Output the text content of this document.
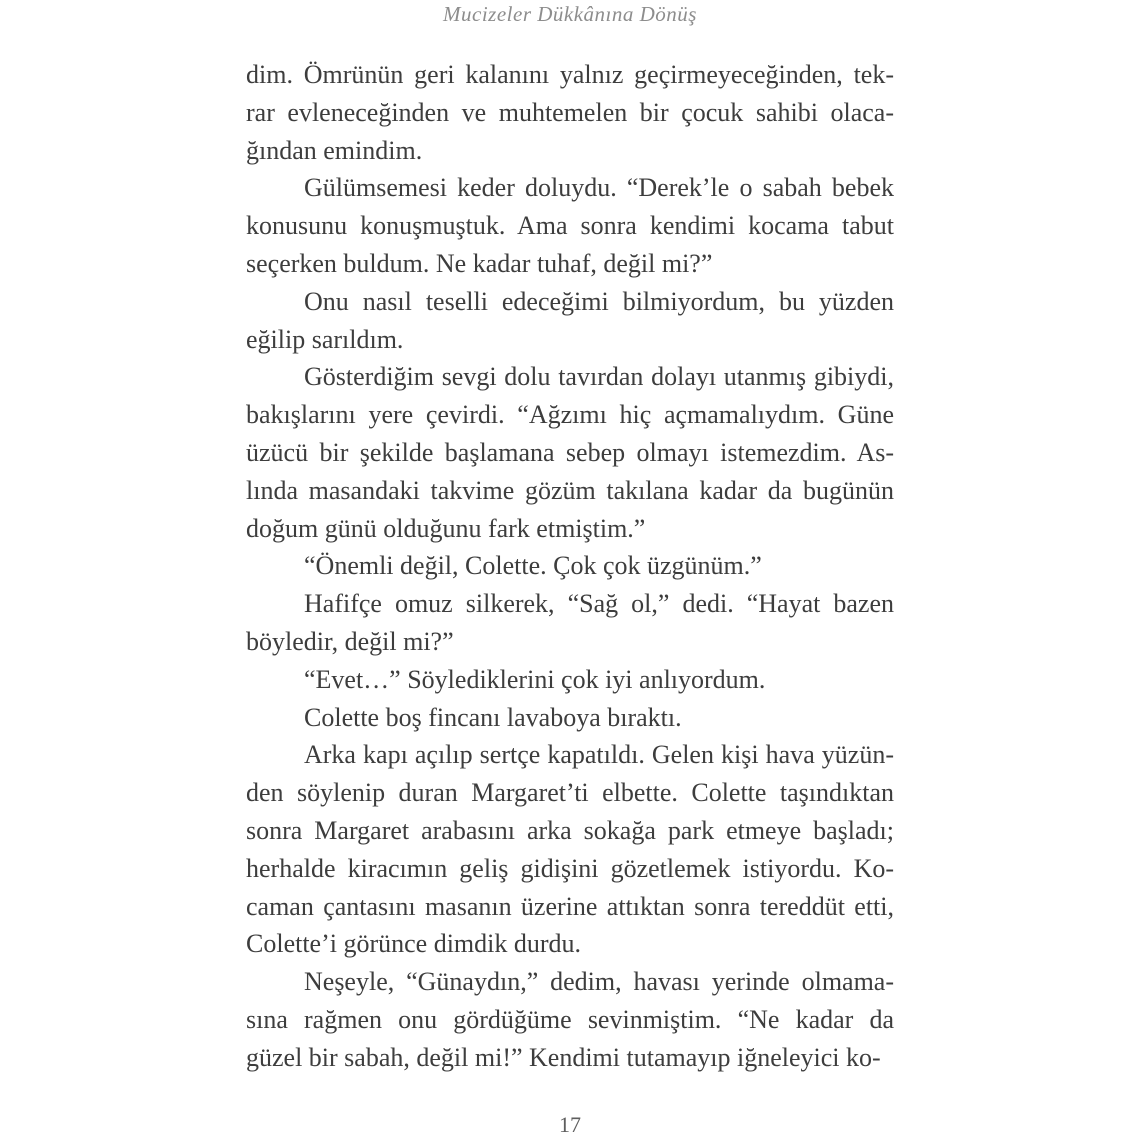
Mucizeler Dükkânına Dönüş

dim. Ömrünün geri kalanını yalnız geçirmeyeceğinden, tek-
rar evleneceğinden ve muhtemelen bir çocuk sahibi olaca-
ğından emindim.

Gülümsemesi keder doluydu. “Derek’le o sabah bebek
konusunu konuşmuştuk. Ama sonra kendimi kocama tabut
seçerken buldum. Ne kadar tuhaf, değil mi?”

Onu nasıl teselli edeceğimi bilmiyordum, bu yüzden
eğilip sarıldım.

Gösterdiğim sevgi dolu tavırdan dolayı utanmış gibiydi,
bakışlarını yere çevirdi. “Ağzımı hiç açmamalıydım. Güne
üzücü bir şekilde başlamana sebep olmayı istemezdim. As-
lında masandaki takvime gözüm takılana kadar da bugünün
doğum günü olduğunu fark etmiştim.”

“Önemli değil, Colette. Çok çok üzgünüm.”

Hafifçe omuz silkerek, “Sağ ol,” dedi. “Hayat bazen
böyledir, değil mi?”

“Evet…” Söylediklerini çok iyi anlıyordum.

Colette boş fincanı lavaboya bıraktı.

Arka kapı açılıp sertçe kapatıldı. Gelen kişi hava yüzün-
den söylenip duran Margaret’ti elbette. Colette taşındıktan
sonra Margaret arabasını arka sokağa park etmeye başladı;
herhalde kiracımın geliş gidişini gözetlemek istiyordu. Ko-
caman çantasını masanın üzerine attıktan sonra tereddüt etti,
Colette’i görünce dimdik durdu.

Neşeyle, “Günaydın,” dedim, havası yerinde olmama-
sına rağmen onu gördüğüme sevinmiştim. “Ne kadar da
güzel bir sabah, değil mi!” Kendimi tutamayıp iğneleyici ko-

17
